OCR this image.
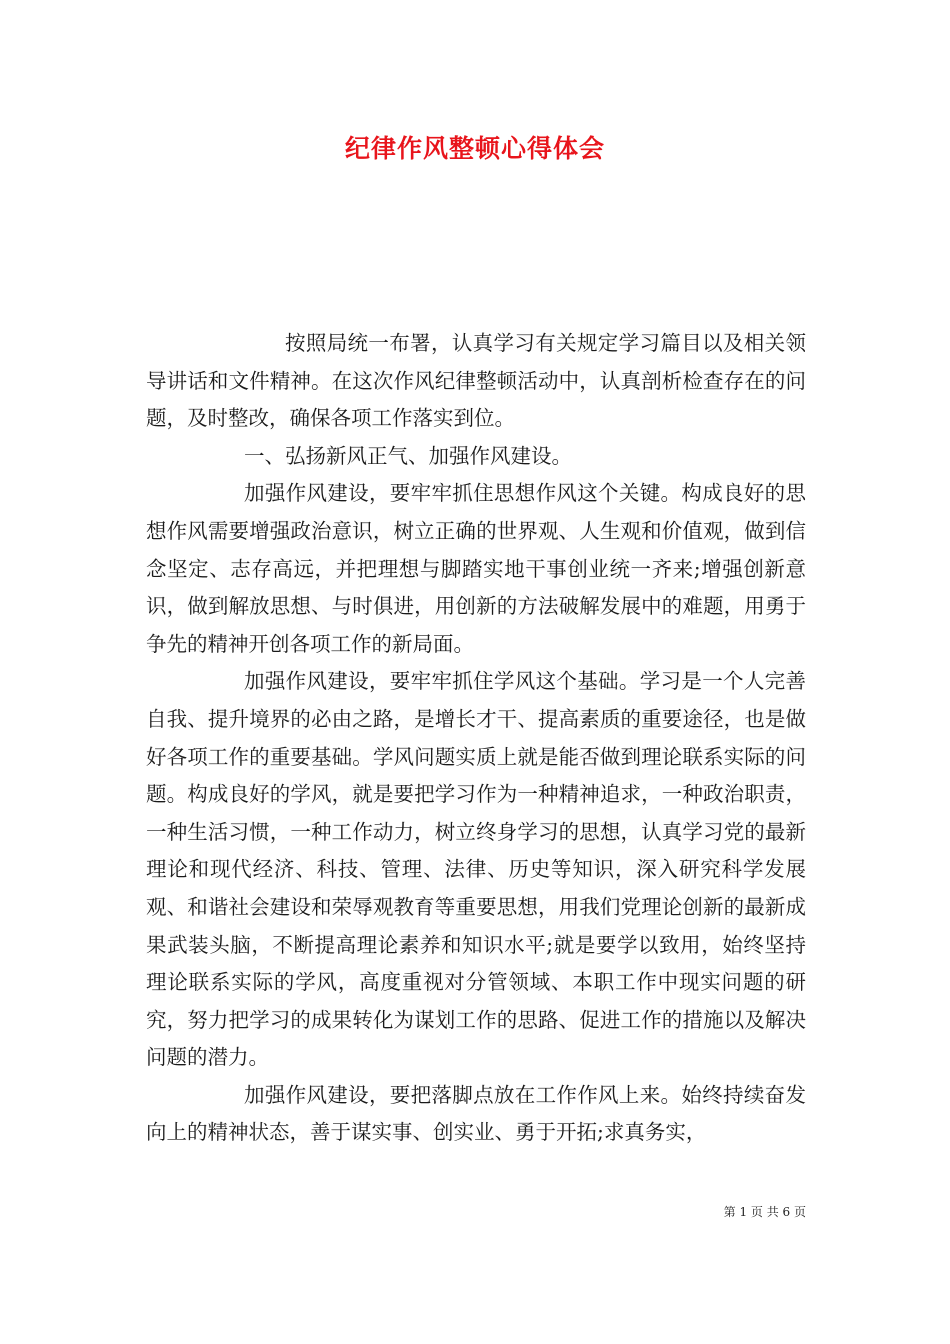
纪律作风整顿心得体会

按照局统一布署，认真学习有关规定学习篇目以及相关领导讲话和文件精神。在这次作风纪律整顿活动中，认真剖析检查存在的问题，及时整改，确保各项工作落实到位。

一、弘扬新风正气、加强作风建设。

加强作风建设，要牢牢抓住思想作风这个关键。构成良好的思想作风需要增强政治意识，树立正确的世界观、人生观和价值观，做到信念坚定、志存高远，并把理想与脚踏实地干事创业统一齐来;增强创新意识，做到解放思想、与时俱进，用创新的方法破解发展中的难题，用勇于争先的精神开创各项工作的新局面。

加强作风建设，要牢牢抓住学风这个基础。学习是一个人完善自我、提升境界的必由之路，是增长才干、提高素质的重要途径，也是做好各项工作的重要基础。学风问题实质上就是能否做到理论联系实际的问题。构成良好的学风，就是要把学习作为一种精神追求，一种政治职责，一种生活习惯，一种工作动力，树立终身学习的思想，认真学习党的最新理论和现代经济、科技、管理、法律、历史等知识，深入研究科学发展观、和谐社会建设和荣辱观教育等重要思想，用我们党理论创新的最新成果武装头脑，不断提高理论素养和知识水平;就是要学以致用，始终坚持理论联系实际的学风，高度重视对分管领域、本职工作中现实问题的研究，努力把学习的成果转化为谋划工作的思路、促进工作的措施以及解决问题的潜力。

加强作风建设，要把落脚点放在工作作风上来。始终持续奋发向上的精神状态，善于谋实事、创实业、勇于开拓;求真务实，

第 1 页 共 6 页
